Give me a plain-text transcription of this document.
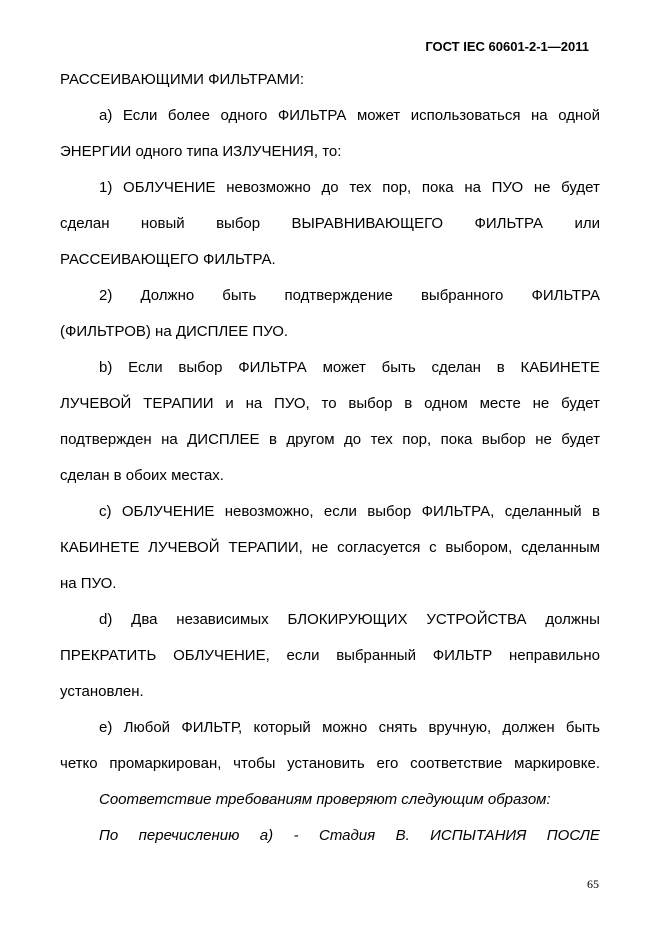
ГОСТ IEC 60601-2-1—2011
РАССЕИВАЮЩИМИ ФИЛЬТРАМИ:
а) Если более одного ФИЛЬТРА может использоваться на одной
ЭНЕРГИИ одного типа ИЗЛУЧЕНИЯ, то:
1) ОБЛУЧЕНИЕ невозможно до тех пор, пока на ПУО не будет
сделан новый выбор ВЫРАВНИВАЮЩЕГО ФИЛЬТРА или
РАССЕИВАЮЩЕГО ФИЛЬТРА.
2) Должно быть подтверждение выбранного ФИЛЬТРА
(ФИЛЬТРОВ) на ДИСПЛЕЕ ПУО.
b) Если выбор ФИЛЬТРА может быть сделан в КАБИНЕТЕ
ЛУЧЕВОЙ ТЕРАПИИ и на ПУО, то выбор в одном месте не будет
подтвержден на ДИСПЛЕЕ в другом до тех пор, пока выбор не будет
сделан в обоих местах.
с) ОБЛУЧЕНИЕ невозможно, если выбор ФИЛЬТРА, сделанный в
КАБИНЕТЕ ЛУЧЕВОЙ ТЕРАПИИ, не согласуется с выбором, сделанным
на ПУО.
d) Два независимых БЛОКИРУЮЩИХ УСТРОЙСТВА должны
ПРЕКРАТИТЬ ОБЛУЧЕНИЕ, если выбранный ФИЛЬТР неправильно
установлен.
е) Любой ФИЛЬТР, который можно снять вручную, должен быть
четко промаркирован, чтобы установить его соответствие маркировке.
Соответствие требованиям проверяют следующим образом:
По перечислению а) - Стадия В. ИСПЫТАНИЯ ПОСЛЕ
65
